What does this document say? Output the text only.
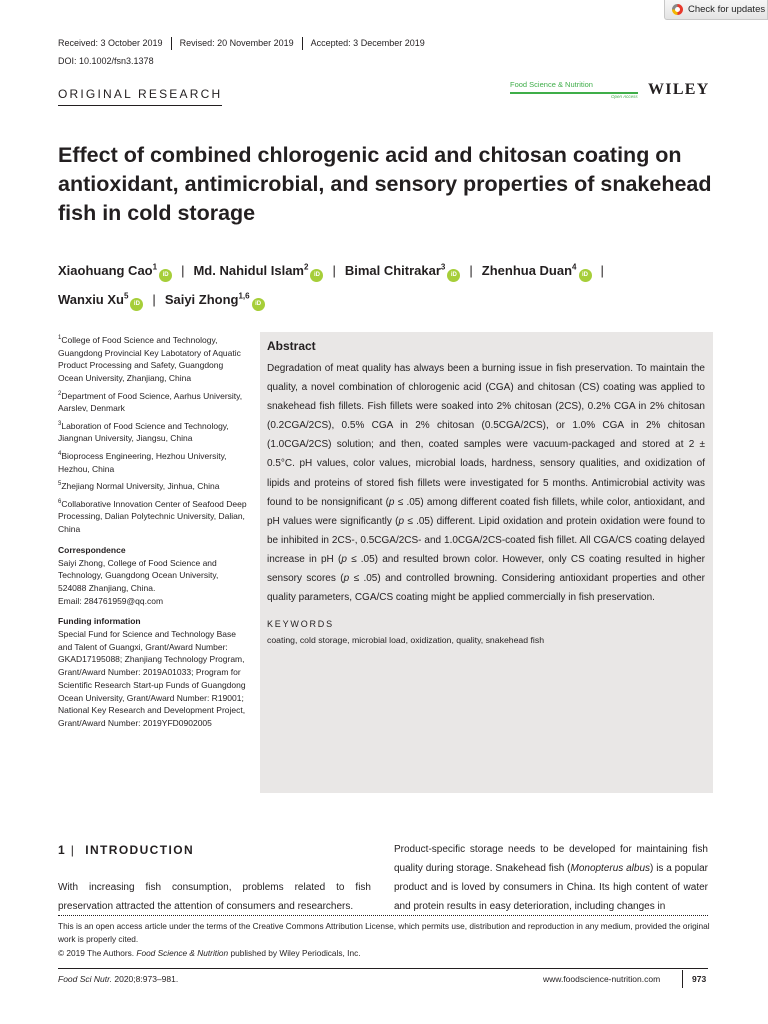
Check for updates
Received: 3 October 2019	Revised: 20 November 2019	Accepted: 3 December 2019
DOI: 10.1002/fsn3.1378
ORIGINAL RESEARCH
Food Science & Nutrition
Open Access WILEY
Effect of combined chlorogenic acid and chitosan coating on antioxidant, antimicrobial, and sensory properties of snakehead fish in cold storage
Xiaohuang Cao$^1$iD | Md. Nahidul Islam$^2$iD | Bimal Chitrakar$^3$iD | Zhenhua Duan$^4$iD |
Wanxiu Xu$^5$iD | Saiyi Zhong$^{1,6}$iD

$^1$College of Food Science and Technology, Guangdong Provincial Key Labotatory of Aquatic Product Processing and Safety, Guangdong Ocean University, Zhanjiang, China

$^2$Department of Food Science, Aarhus University, Aarslev, Denmark

$^3$Laboration of Food Science and Technology, Jiangnan University, Jiangsu, China

$^4$Bioprocess Engineering, Hezhou University, Hezhou, China

$^5$Zhejiang Normal University, Jinhua, China

$^6$Collaborative Innovation Center of Seafood Deep Processing, Dalian Polytechnic University, Dalian, China

Correspondence

Saiyi Zhong, College of Food Science and Technology, Guangdong Ocean University, 524088 Zhanjiang, China.
Email: 284761959@qq.com

Funding information

Special Fund for Science and Technology Base and Talent of Guangxi, Grant/Award Number: GKAD17195088; Zhanjiang Technology Program, Grant/Award Number: 2019A01033; Program for Scientific Research Start-up Funds of Guangdong Ocean University, Grant/Award Number: R19001; National Key Research and Development Project, Grant/Award Number: 2019YFD0902005

Abstract

Degradation of meat quality has always been a burning issue in fish preservation. To maintain the quality, a novel combination of chlorogenic acid (CGA) and chitosan (CS) coating was applied to snakehead fish fillets. Fish fillets were soaked into 2% chitosan (2CS), 0.2% CGA in 2% chitosan (0.2CGA/2CS), 0.5% CGA in 2% chitosan (0.5CGA/2CS), or 1.0% CGA in 2% chitosan (1.0CGA/2CS) solution; and then, coated samples were vacuum-packaged and stored at 2 ± 0.5°C. pH values, color values, microbial loads, hardness, sensory qualities, and oxidization of lipids and proteins of stored fish fillets were investigated for 5 months. Antimicrobial activity was found to be nonsignificant (p ≤ .05) among different coated fish fillets, while color, antioxidant, and pH values were significantly (p ≤ .05) different. Lipid oxidation and protein oxidation were found to be inhibited in 2CS-, 0.5CGA/2CS- and 1.0CGA/2CS-coated fish fillet. All CGA/CS coating delayed increase in pH (p ≤ .05) and resulted brown color. However, only CS coating resulted in higher sensory scores (p ≤ .05) and controlled browning. Considering antioxidant properties and other quality parameters, CGA/CS coating might be applied commercially in fish preservation.

KEYWORDS

coating, cold storage, microbial load, oxidization, quality, snakehead fish

1 | INTRODUCTION

With increasing fish consumption, problems related to fish preservation attracted the attention of consumers and researchers.

Product-specific storage needs to be developed for maintaining fish quality during storage. Snakehead fish (Monopterus albus) is a popular product and is loved by consumers in China. Its high content of water and protein results in easy deterioration, including changes in

This is an open access article under the terms of the Creative Commons Attribution License, which permits use, distribution and reproduction in any medium, provided the original work is properly cited.
© 2019 The Authors. Food Science & Nutrition published by Wiley Periodicals, Inc.
Food Sci Nutr. 2020;8:973–981.	www.foodscience-nutrition.com	973
